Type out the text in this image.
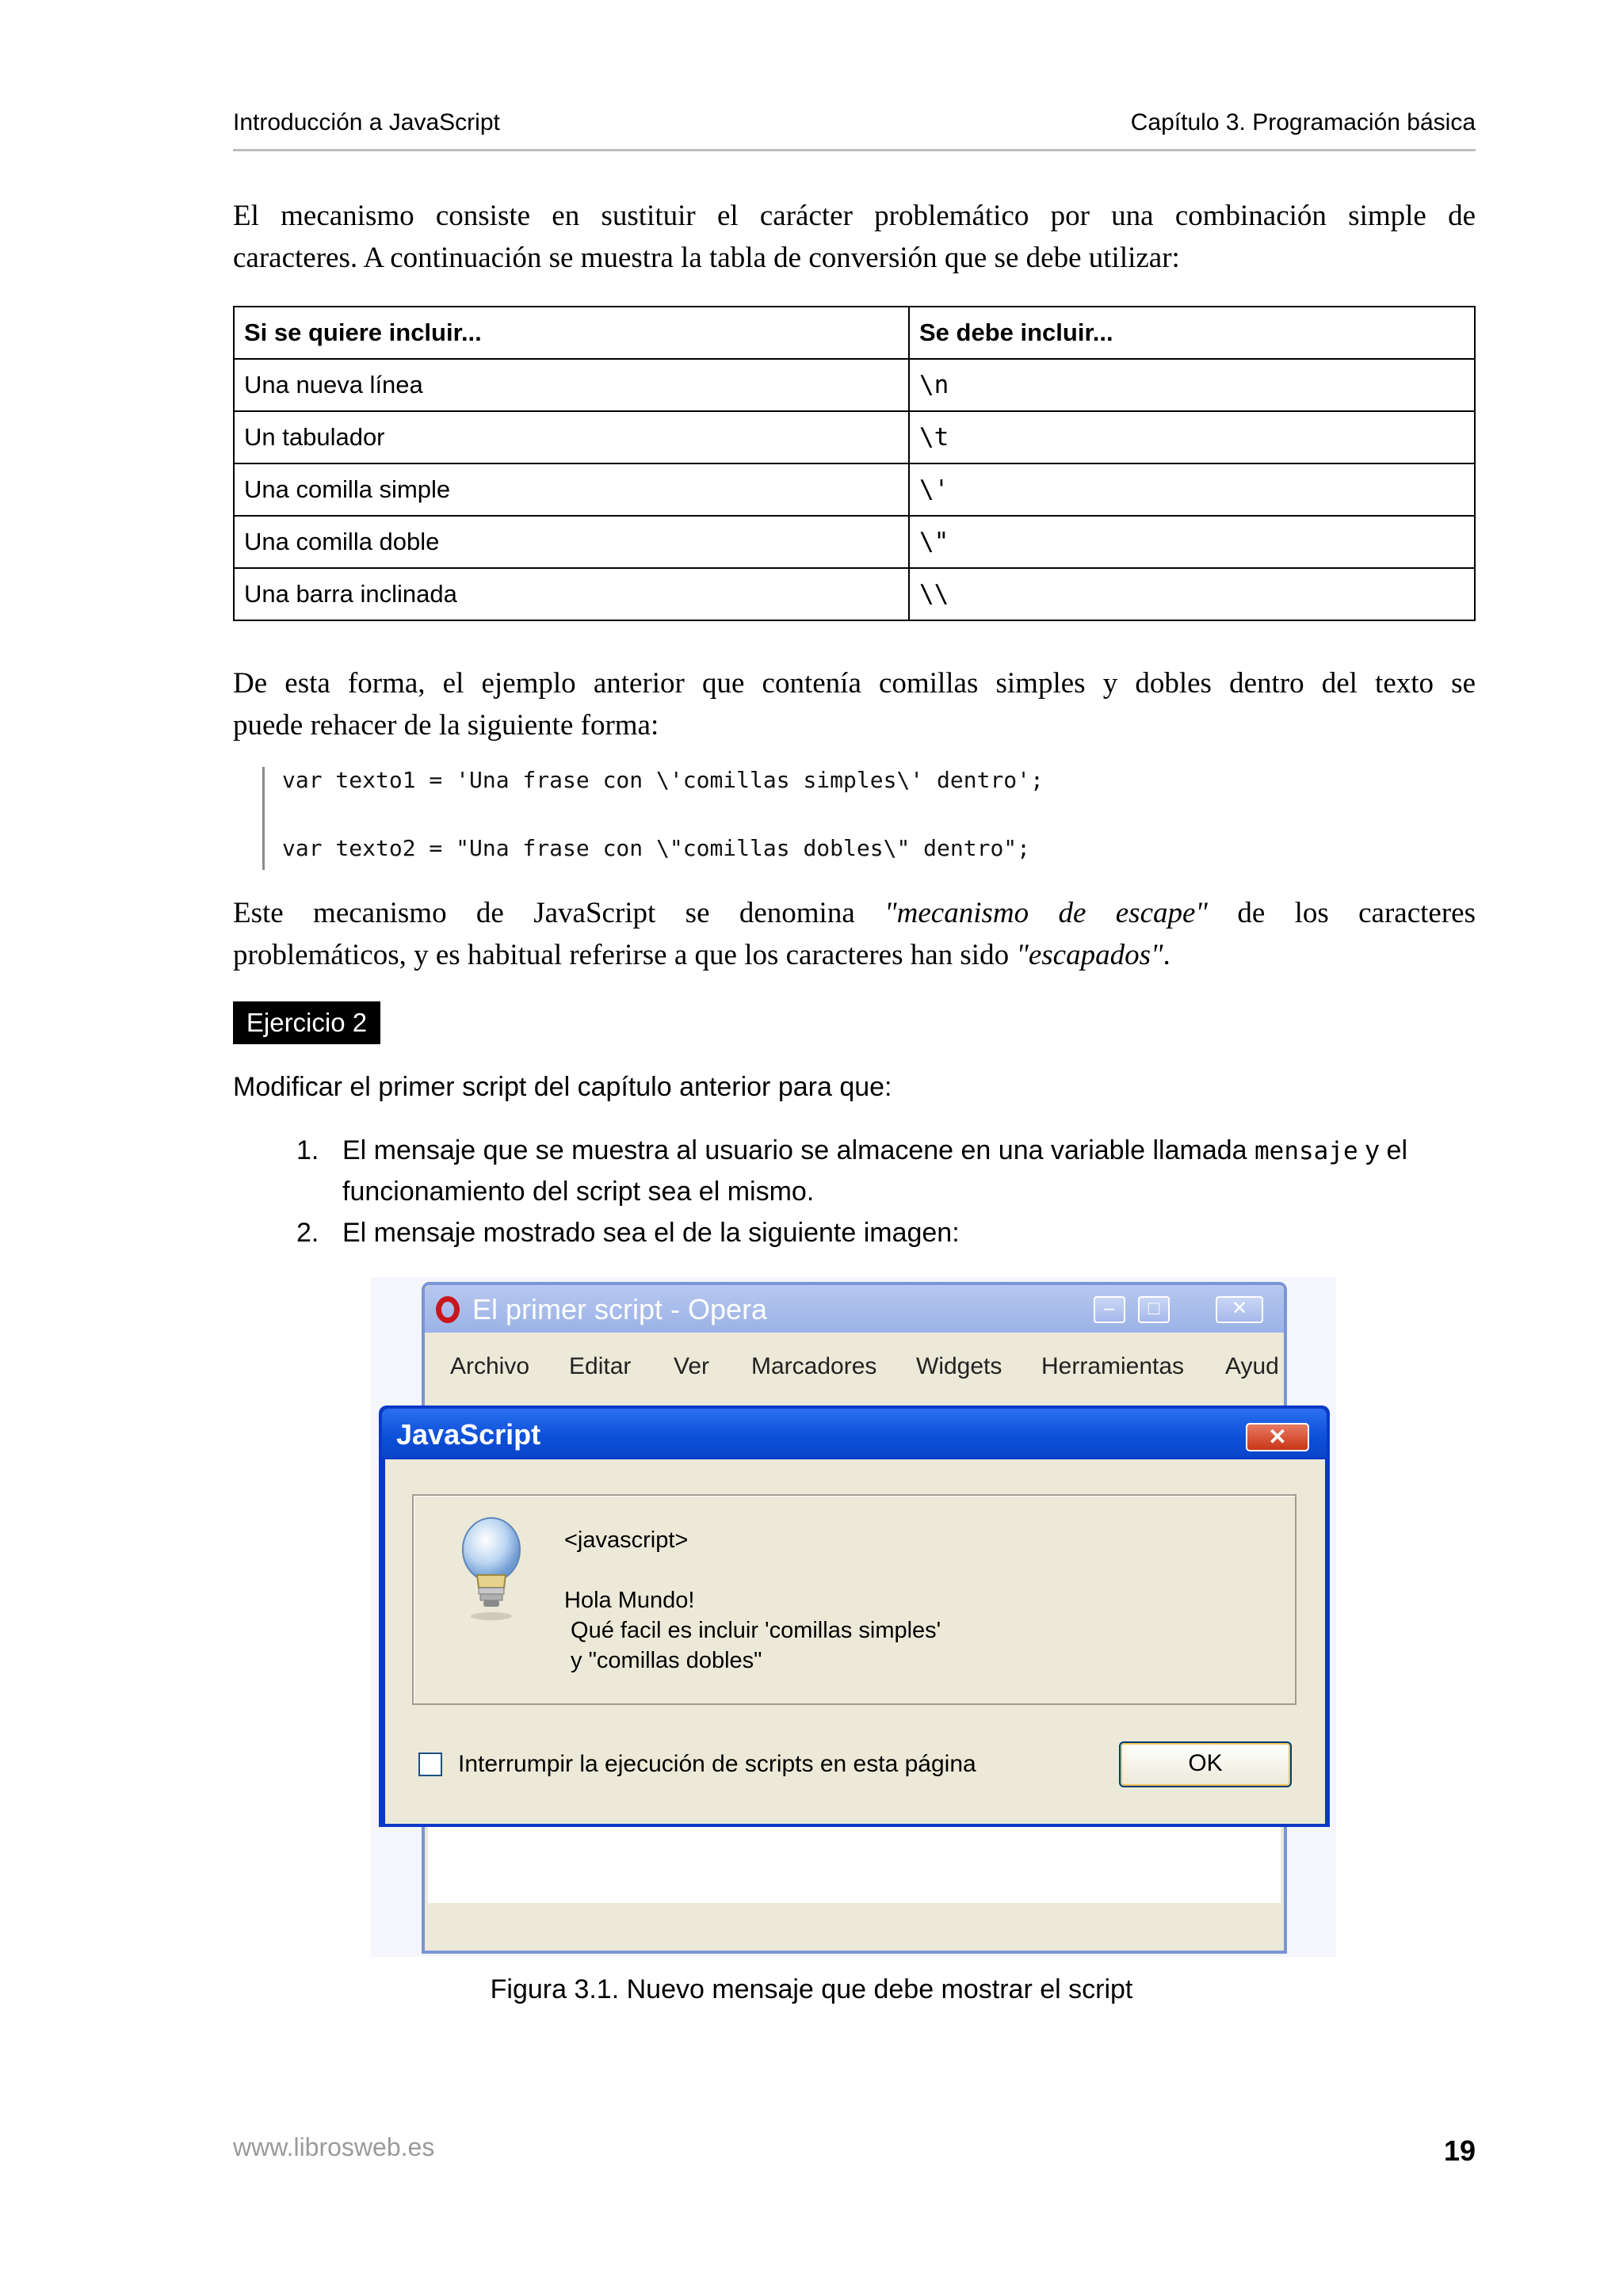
Introducción a JavaScript	Capítulo 3. Programación básica

El mecanismo consiste en sustituir el carácter problemático por una combinación simple de

caracteres. A continuación se muestra la tabla de conversión que se debe utilizar:

Si se quiere incluir...	Se debe incluir...
Una nueva línea	\n
Un tabulador	\t
Una comilla simple	\'
Una comilla doble	\"
Una barra inclinada	\\

De esta forma, el ejemplo anterior que contenía comillas simples y dobles dentro del texto se

puede rehacer de la siguiente forma:

var texto1 = 'Una frase con \'comillas simples\' dentro';
var texto2 = "Una frase con \"comillas dobles\" dentro";

Este mecanismo de JavaScript se denomina "mecanismo de escape" de los caracteres

problemáticos, y es habitual referirse a que los caracteres han sido "escapados".

Ejercicio 2
Modificar el primer script del capítulo anterior para que:
1. El mensaje que se muestra al usuario se almacene en una variable llamada mensaje y el
funcionamiento del script sea el mismo.
2. El mensaje mostrado sea el de la siguiente imagen:
El primer script - Opera	–	□	✕
Archivo Editar Ver Marcadores Widgets Herramientas Ayud
JavaScript	✕
<javascript>
Hola Mundo!
Qué facil es incluir 'comillas simples'
y "comillas dobles"
Interrumpir la ejecución de scripts en esta página	OK
Figura 3.1. Nuevo mensaje que debe mostrar el script
www.librosweb.es	19
